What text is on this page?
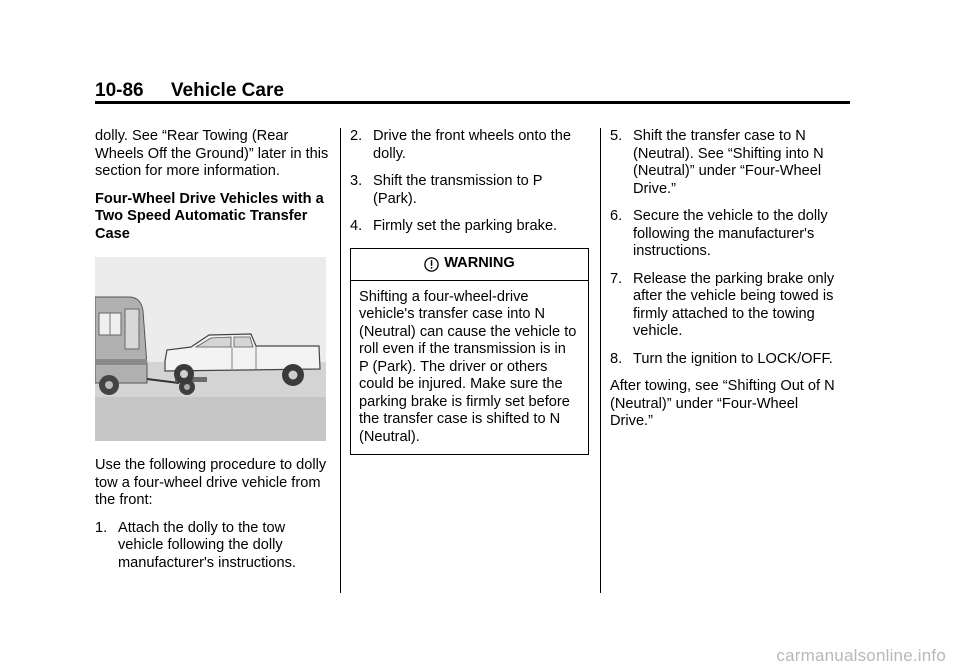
10-86 Vehicle Care

dolly. See “Rear Towing (Rear Wheels Off the Ground)” later in this section for more information.

Four-Wheel Drive Vehicles with a Two Speed Automatic Transfer Case

Use the following procedure to dolly tow a four-wheel drive vehicle from the front:

1. Attach the dolly to the tow vehicle following the dolly manufacturer's instructions.
2. Drive the front wheels onto the dolly.
3. Shift the transmission to P (Park).
4. Firmly set the parking brake.
WARNING
Shifting a four-wheel-drive vehicle's transfer case into N (Neutral) can cause the vehicle to roll even if the transmission is in P (Park). The driver or others could be injured. Make sure the parking brake is firmly set before the transfer case is shifted to N (Neutral).
5. Shift the transfer case to N (Neutral). See “Shifting into N (Neutral)” under “Four-Wheel Drive.”
6. Secure the vehicle to the dolly following the manufacturer's instructions.
7. Release the parking brake only after the vehicle being towed is firmly attached to the towing vehicle.
8. Turn the ignition to LOCK/OFF.

After towing, see “Shifting Out of N (Neutral)” under “Four-Wheel Drive.”

carmanualsonline.info
